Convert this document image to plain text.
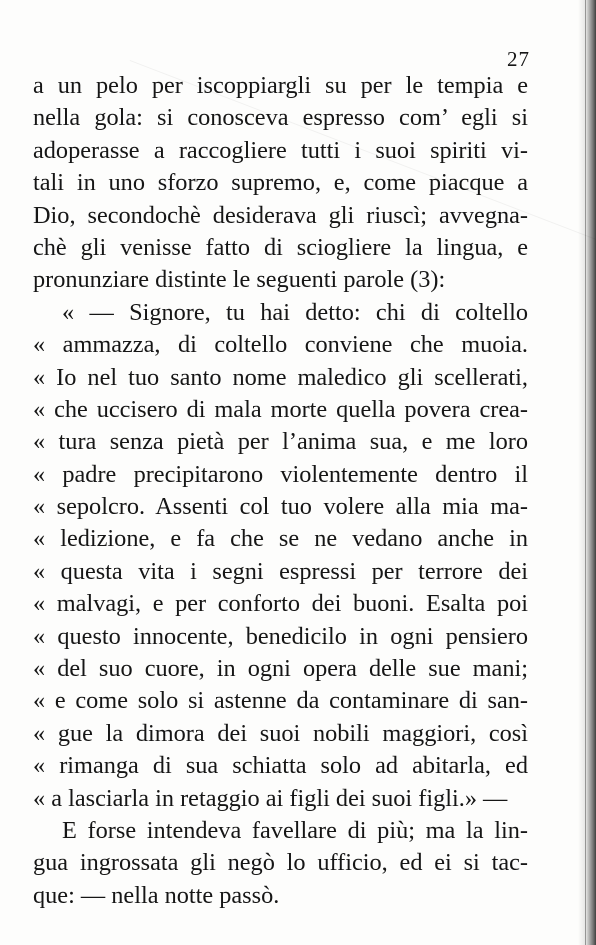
27
a un pelo per iscoppiargli su per le tempia e
nella gola: si conosceva espresso com’ egli si
adoperasse a raccogliere tutti i suoi spiriti vi-
tali in uno sforzo supremo, e, come piacque a
Dio, secondochè desiderava gli riuscì; avvegna-
chè gli venisse fatto di sciogliere la lingua, e
pronunziare distinte le seguenti parole (3):
« — Signore, tu hai detto: chi di coltello
« ammazza, di coltello conviene che muoia.
« Io nel tuo santo nome maledico gli scellerati,
« che uccisero di mala morte quella povera crea-
« tura senza pietà per l’anima sua, e me loro
« padre precipitarono violentemente dentro il
« sepolcro. Assenti col tuo volere alla mia ma-
« ledizione, e fa che se ne vedano anche in
« questa vita i segni espressi per terrore dei
« malvagi, e per conforto dei buoni. Esalta poi
« questo innocente, benedicilo in ogni pensiero
« del suo cuore, in ogni opera delle sue mani;
« e come solo si astenne da contaminare di san-
« gue la dimora dei suoi nobili maggiori, così
« rimanga di sua schiatta solo ad abitarla, ed
« a lasciarla in retaggio ai figli dei suoi figli.» —
E forse intendeva favellare di più; ma la lin-
gua ingrossata gli negò lo ufficio, ed ei si tac-
que: — nella notte passò.
